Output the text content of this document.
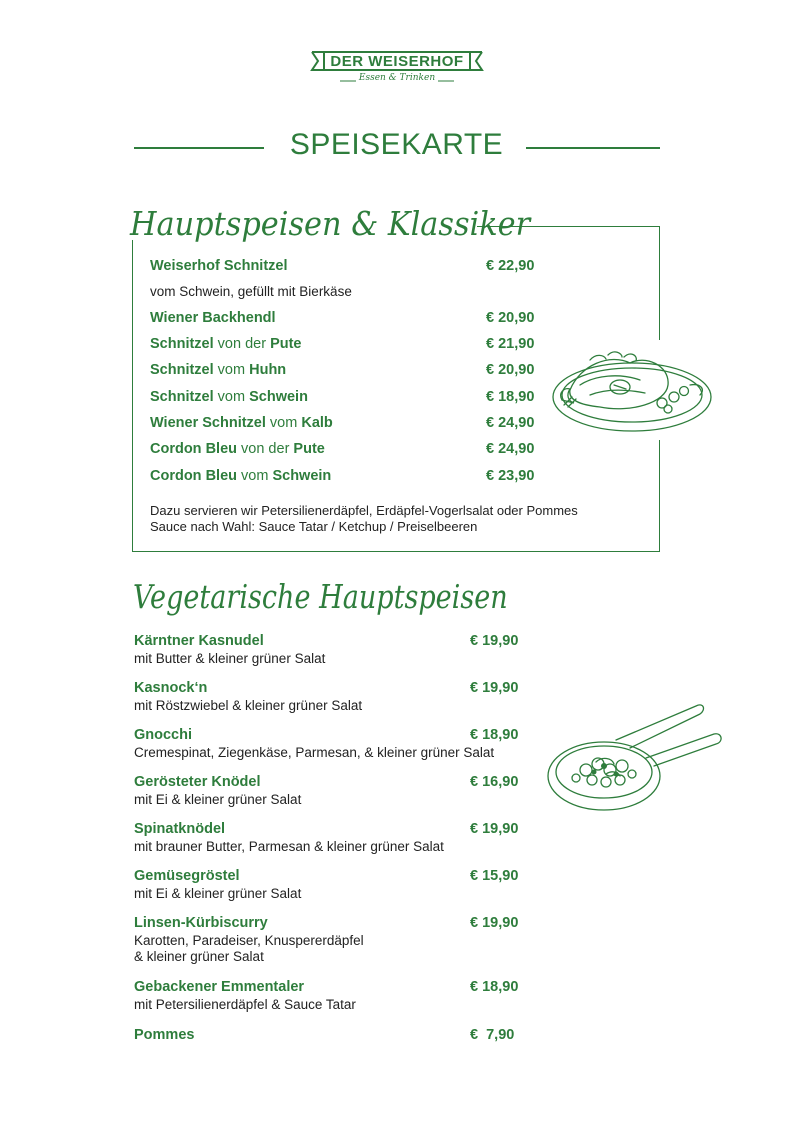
DER WEISERHOF
Essen & Trinken
SPEISEKARTE
Hauptspeisen & Klassiker
Weiserhof Schnitzel	€ 22,90
vom Schwein, gefüllt mit Bierkäse
Wiener Backhendl	€ 20,90
Schnitzel von der Pute	€ 21,90
Schnitzel vom Huhn	€ 20,90
Schnitzel vom Schwein	€ 18,90
Wiener Schnitzel vom Kalb	€ 24,90
Cordon Bleu von der Pute	€ 24,90
Cordon Bleu vom Schwein	€ 23,90
Dazu servieren wir Petersilienerdäpfel, Erdäpfel-Vogerlsalat oder Pommes
Sauce nach Wahl: Sauce Tatar / Ketchup / Preiselbeeren
Vegetarische Hauptspeisen
Kärntner Kasnudel	€ 19,90
mit Butter & kleiner grüner Salat
Kasnock‘n	€ 19,90
mit Röstzwiebel & kleiner grüner Salat
Gnocchi	€ 18,90
Cremespinat, Ziegenkäse, Parmesan, & kleiner grüner Salat
Gerösteter Knödel	€ 16,90
mit Ei & kleiner grüner Salat
Spinatknödel	€ 19,90
mit brauner Butter, Parmesan & kleiner grüner Salat
Gemüsegröstel	€ 15,90
mit Ei & kleiner grüner Salat
Linsen-Kürbiscurry	€ 19,90
Karotten, Paradeiser, Knuspererdäpfel
& kleiner grüner Salat
Gebackener Emmentaler	€ 18,90
mit Petersilienerdäpfel & Sauce Tatar
Pommes	€  7,90
